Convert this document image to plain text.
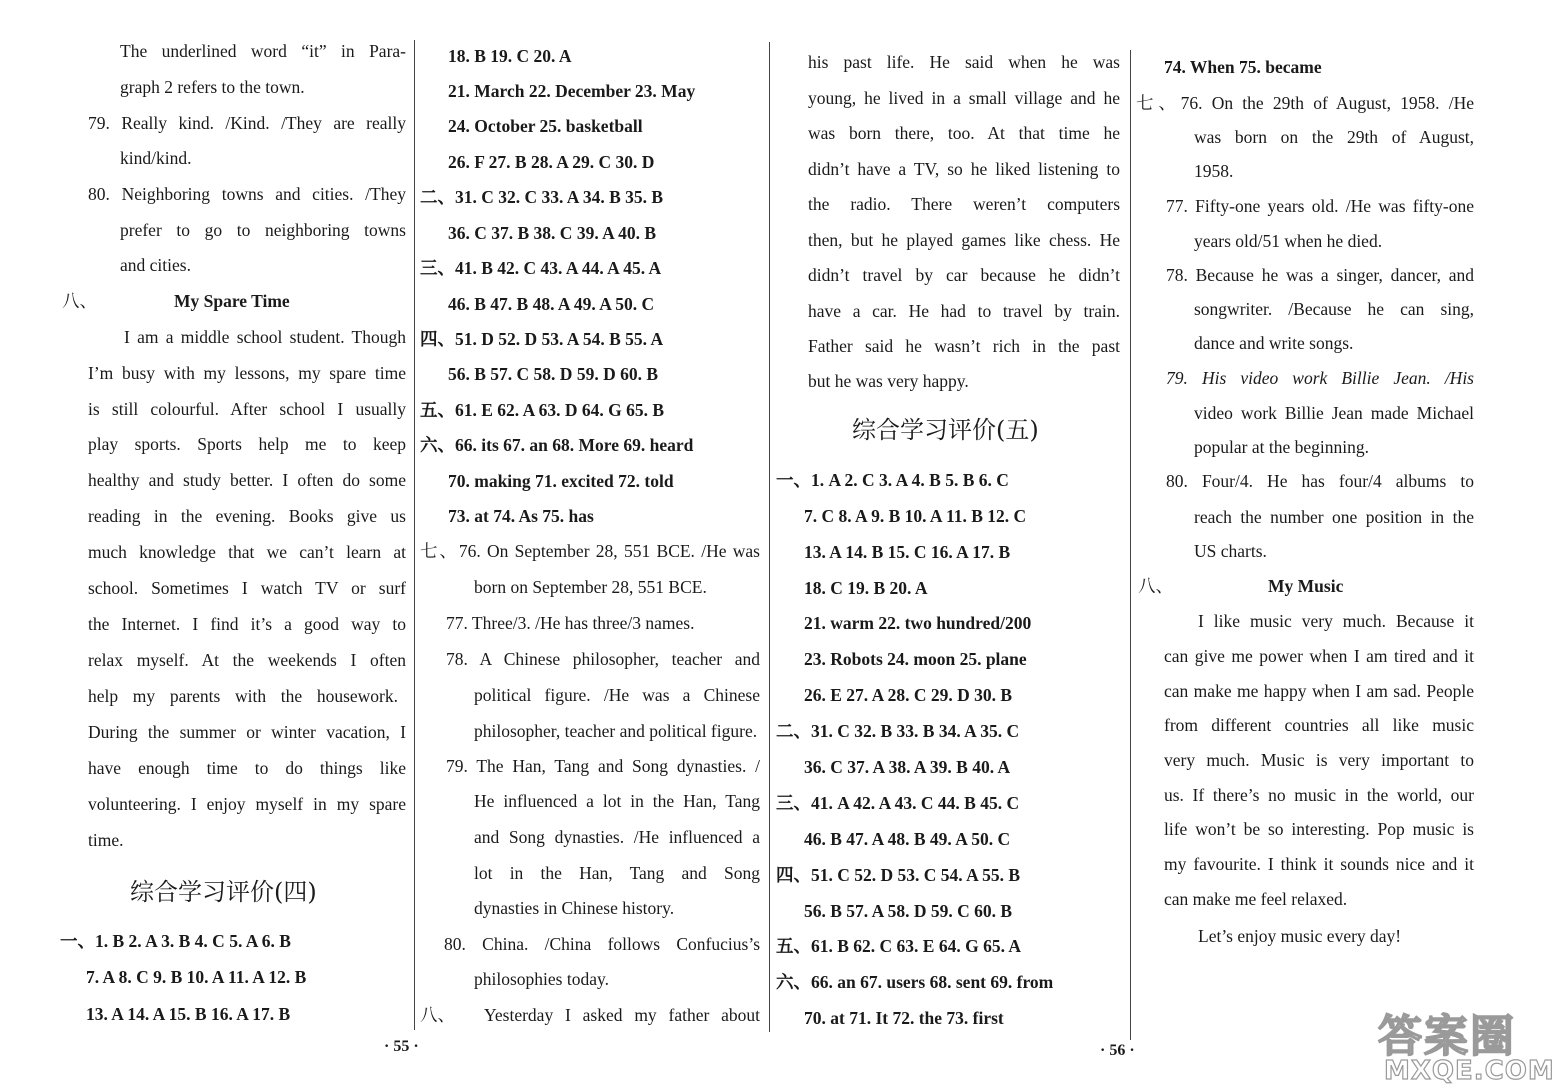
The underlined word “it” in Para-
graph 2 refers to the town.
79. Really kind. /Kind. /They are really
kind/kind.
80. Neighboring towns and cities. /They
prefer to go to neighboring towns
and cities.
八、	My Spare Time
I am a middle school student. Though
I’m busy with my lessons, my spare time
is still colourful. After school I usually
play sports. Sports help me to keep
healthy and study better. I often do some
reading in the evening. Books give us
much knowledge that we can’t learn at
school. Sometimes I watch TV or surf
the Internet. I find it’s a good way to
relax myself. At the weekends I often
help my parents with the housework.
During the summer or winter vacation, I
have enough time to do things like
volunteering. I enjoy myself in my spare
time.
综合学习评价(四)
一、1. B 2. A 3. B 4. C 5. A 6. B
7. A 8. C 9. B 10. A 11. A 12. B
13. A 14. A 15. B 16. A 17. B
18. B 19. C 20. A
21. March 22. December 23. May
24. October 25. basketball
26. F 27. B 28. A 29. C 30. D
二、31. C 32. C 33. A 34. B 35. B
36. C 37. B 38. C 39. A 40. B
三、41. B 42. C 43. A 44. A 45. A
46. B 47. B 48. A 49. A 50. C
四、51. D 52. D 53. A 54. B 55. A
56. B 57. C 58. D 59. D 60. B
五、61. E 62. A 63. D 64. G 65. B
六、66. its 67. an 68. More 69. heard
70. making 71. excited 72. told
73. at 74. As 75. has
七、76. On September 28, 551 BCE. /He was
born on September 28, 551 BCE.
77. Three/3. /He has three/3 names.
78. A Chinese philosopher, teacher and
political figure. /He was a Chinese
philosopher, teacher and political figure.
79. The Han, Tang and Song dynasties. /
He influenced a lot in the Han, Tang
and Song dynasties. /He influenced a
lot in the Han, Tang and Song
dynasties in Chinese history.
80. China. /China follows Confucius’s
philosophies today.
八、 Yesterday I asked my father about
his past life. He said when he was
young, he lived in a small village and he
was born there, too. At that time he
didn’t have a TV, so he liked listening to
the radio. There weren’t computers
then, but he played games like chess. He
didn’t travel by car because he didn’t
have a car. He had to travel by train.
Father said he wasn’t rich in the past
but he was very happy.
综合学习评价(五)
一、1. A 2. C 3. A 4. B 5. B 6. C
7. C 8. A 9. B 10. A 11. B 12. C
13. A 14. B 15. C 16. A 17. B
18. C 19. B 20. A
21. warm 22. two hundred/200
23. Robots 24. moon 25. plane
26. E 27. A 28. C 29. D 30. B
二、31. C 32. B 33. B 34. A 35. C
36. C 37. A 38. A 39. B 40. A
三、41. A 42. A 43. C 44. B 45. C
46. B 47. A 48. B 49. A 50. C
四、51. C 52. D 53. C 54. A 55. B
56. B 57. A 58. D 59. C 60. B
五、61. B 62. C 63. E 64. G 65. A
六、66. an 67. users 68. sent 69. from
70. at 71. It 72. the 73. first
74. When 75. became
七、76. On the 29th of August, 1958. /He
was born on the 29th of August,
1958.
77. Fifty-one years old. /He was fifty-one
years old/51 when he died.
78. Because he was a singer, dancer, and
songwriter. /Because he can sing,
dance and write songs.
79. His video work Billie Jean. /His
video work Billie Jean made Michael
popular at the beginning.
80. Four/4. He has four/4 albums to
reach the number one position in the
US charts.
八、	My Music
I like music very much. Because it
can give me power when I am tired and it
can make me happy when I am sad. People
from different countries all like music
very much. Music is very important to
us. If there’s no music in the world, our
life won’t be so interesting. Pop music is
my favourite. I think it sounds nice and it
can make me feel relaxed.
Let’s enjoy music every day!
· 55 ·	· 56 ·	答案圈
MXQE.COM
